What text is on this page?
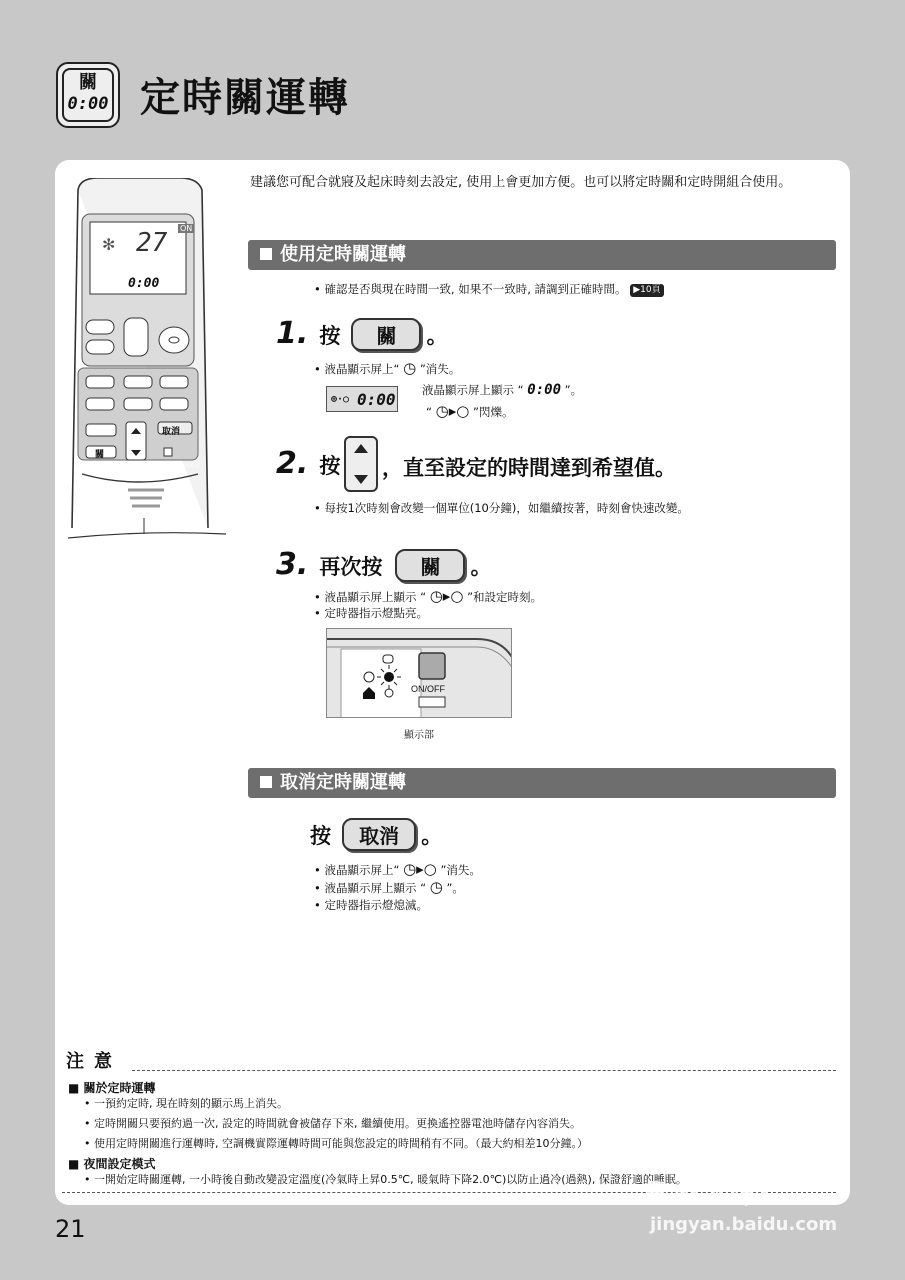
關
0:00 定時關運轉
✻
ON
27
0:00
取消
關
定時功能	重新設定
建議您可配合就寢及起床時刻去設定, 使用上會更加方便。也可以將定時關和定時開組合使用。
使用定時關運轉
• 確認是否與現在時間一致, 如果不一致時, 請調到正確時間。 ▶10頁
1. 按 關 。
• 液晶顯示屏上“ ◷ ”消失。
⊕·○ 0:00 液晶顯示屏上顯示 “ 0:00 ”。
“ ◷▸○ ”閃爍。
2. 按 ，直至設定的時間達到希望值。
• 每按1次時刻會改變一個單位(10分鐘)，如繼續按著，時刻會快速改變。
3. 再次按 關 。
• 液晶顯示屏上顯示 “ ◷▸○ ”和設定時刻。
• 定時器指示燈點亮。
ON/OFF
顯示部
取消定時關運轉
按 取消 。
• 液晶顯示屏上“ ◷▸○ ”消失。
• 液晶顯示屏上顯示 “ ◷ ”。
• 定時器指示燈熄滅。
注意
■ 關於定時運轉
• 一預約定時, 現在時刻的顯示馬上消失。
• 定時開關只要預約過一次, 設定的時間就會被儲存下來, 繼續使用。更換遙控器電池時儲存內容消失。
• 使用定時開關進行運轉時, 空調機實際運轉時間可能與您設定的時間稍有不同。（最大約相差10分鐘。）
■ 夜間設定模式
• 一開始定時關運轉, 一小時後自動改變設定溫度(冷氣時上昇0.5℃, 暖氣時下降2.0℃)以防止過冷(過熱), 保證舒適的睡眠。
21
Bai 经验
jingyan.baidu.com
